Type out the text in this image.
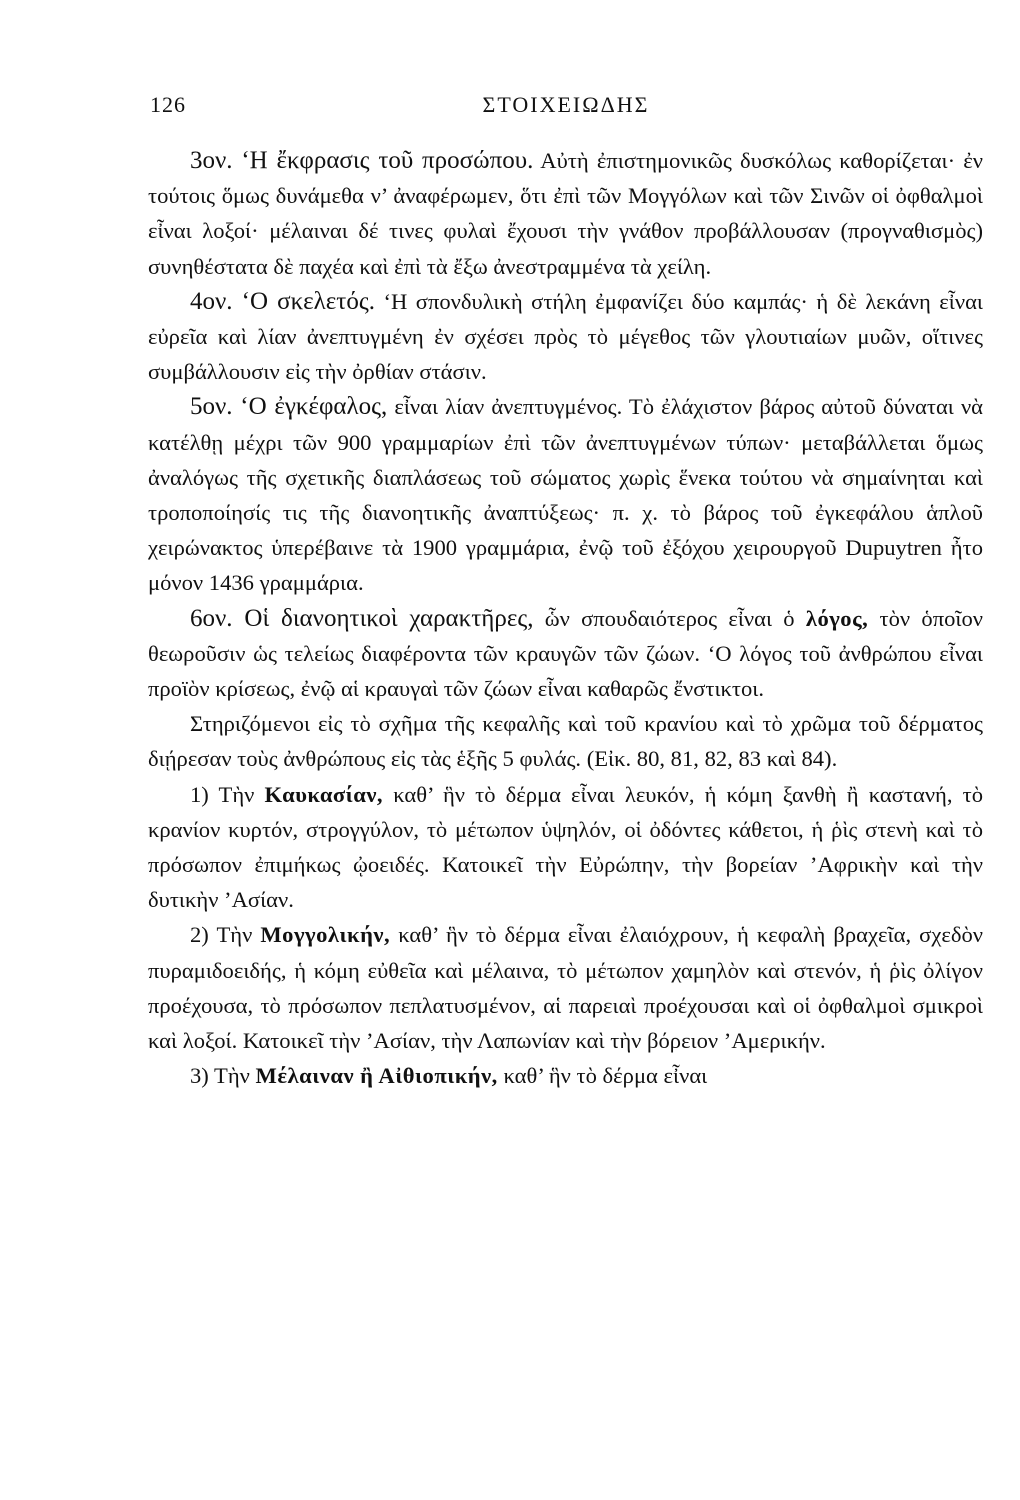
126	ΣΤΟΙΧΕΙΩΔΗΣ

3ον. ‘Η ἔκφρασις τοῦ προσώπου. Αὐτὴ ἐπιστημονικῶς δυσκόλως καθορίζεται· ἐν τούτοις ὅμως δυνάμεθα ν’ ἀναφέρωμεν, ὅτι ἐπὶ τῶν Μογγόλων καὶ τῶν Σινῶν οἱ ὀφθαλμοὶ εἶναι λοξοί· μέλαιναι δέ τινες φυλαὶ ἔχουσι τὴν γνάθον προβάλλουσαν (προγναθισμὸς) συνηθέστατα δὲ παχέα καὶ ἐπὶ τὰ ἔξω ἀνεστραμμένα τὰ χείλη.

4ον. ‘Ο σκελετός. ‘Η σπονδυλικὴ στήλη ἐμφανίζει δύο καμπάς· ἡ δὲ λεκάνη εἶναι εὐρεῖα καὶ λίαν ἀνεπτυγμένη ἐν σχέσει πρὸς τὸ μέγεθος τῶν γλουτιαίων μυῶν, οἵτινες συμβάλλουσιν εἰς τὴν ὀρθίαν στάσιν.

5ον. ‘Ο ἐγκέφαλος, εἶναι λίαν ἀνεπτυγμένος. Τὸ ἐλάχιστον βάρος αὐτοῦ δύναται νὰ κατέλθῃ μέχρι τῶν 900 γραμμαρίων ἐπὶ τῶν ἀνεπτυγμένων τύπων· μεταβάλλεται ὅμως ἀναλόγως τῆς σχετικῆς διαπλάσεως τοῦ σώματος χωρὶς ἕνεκα τούτου νὰ σημαίνηται καὶ τροποποίησίς τις τῆς διανοητικῆς ἀναπτύξεως· π. χ. τὸ βάρος τοῦ ἐγκεφάλου ἁπλοῦ χειρώνακτος ὑπερέβαινε τὰ 1900 γραμμάρια, ἐνῷ τοῦ ἐξόχου χειρουργοῦ Dupuytren ἦτο μόνον 1436 γραμμάρια.

6ον. Οἱ διανοητικοὶ χαρακτῆρες, ὧν σπουδαιότερος εἶναι ὁ λόγος, τὸν ὁποῖον θεωροῦσιν ὡς τελείως διαφέροντα τῶν κραυγῶν τῶν ζώων. ‘Ο λόγος τοῦ ἀνθρώπου εἶναι προϊὸν κρίσεως, ἐνῷ αἱ κραυγαὶ τῶν ζώων εἶναι καθαρῶς ἔνστικτοι.

Στηριζόμενοι εἰς τὸ σχῆμα τῆς κεφαλῆς καὶ τοῦ κρανίου καὶ τὸ χρῶμα τοῦ δέρματος διῄρεσαν τοὺς ἀνθρώπους εἰς τὰς ἑξῆς 5 φυλάς. (Εἰκ. 80, 81, 82, 83 καὶ 84).

1) Τὴν Καυκασίαν, καθ’ ἣν τὸ δέρμα εἶναι λευκόν, ἡ κόμη ξανθὴ ἢ καστανή, τὸ κρανίον κυρτόν, στρογγύλον, τὸ μέτωπον ὑψηλόν, οἱ ὀδόντες κάθετοι, ἡ ῥὶς στενὴ καὶ τὸ πρόσωπον ἐπιμήκως ᾠοειδές. Κατοικεῖ τὴν Εὐρώπην, τὴν βορείαν ’Αφρικὴν καὶ τὴν δυτικὴν ’Ασίαν.

2) Τὴν Μογγολικήν, καθ’ ἣν τὸ δέρμα εἶναι ἐλαιόχρουν, ἡ κεφαλὴ βραχεῖα, σχεδὸν πυραμιδοειδής, ἡ κόμη εὐθεῖα καὶ μέλαινα, τὸ μέτωπον χαμηλὸν καὶ στενόν, ἡ ῥὶς ὀλίγον προέχουσα, τὸ πρόσωπον πεπλατυσμένον, αἱ παρειαὶ προέχουσαι καὶ οἱ ὀφθαλμοὶ σμικροὶ καὶ λοξοί. Κατοικεῖ τὴν ’Ασίαν, τὴν Λαπωνίαν καὶ τὴν βόρειον ’Αμερικήν.

3) Τὴν Μέλαιναν ἢ Αἰθιοπικήν, καθ’ ἣν τὸ δέρμα εἶναι
